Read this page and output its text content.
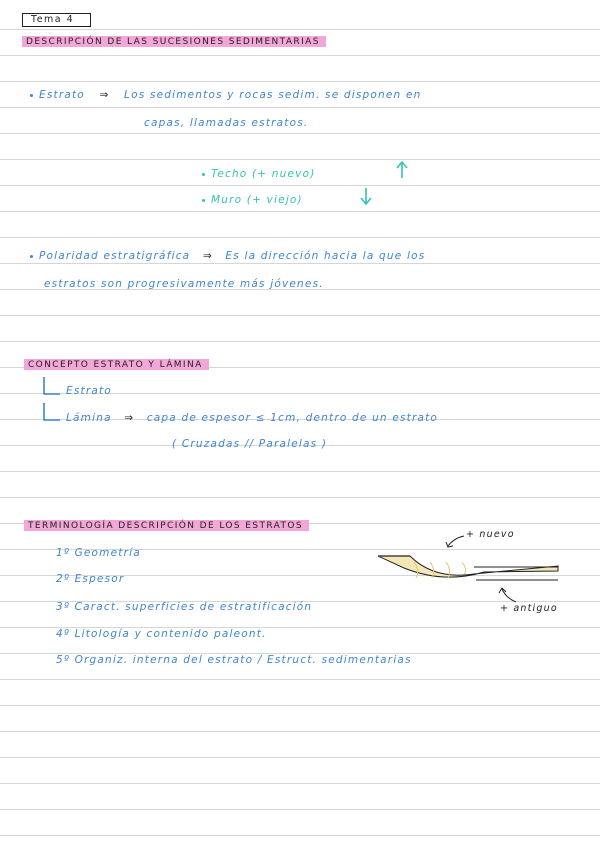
Tema 4
DESCRIPCIÓN DE LAS SUCESIONES SEDIMENTARIAS
Estrato ⇒ Los sedimentos y rocas sedim. se disponen en
capas, llamadas estratos.
Techo (+ nuevo)
Muro (+ viejo)
Polaridad estratigráfica ⇒ Es la dirección hacia la que los
estratos son progresivamente más jóvenes.
CONCEPTO ESTRATO Y LÁMINA
Estrato
Lámina ⇒ capa de espesor ≤ 1cm, dentro de un estrato
( Cruzadas // Paralelas )
TERMINOLOGÍA DESCRIPCIÓN DE LOS ESTRATOS
1º Geometría
2º Espesor
3º Caract. superficies de estratificación
4º Litología y contenido paleont.
5º Organiz. interna del estrato / Estruct. sedimentarias
+ nuevo
+ antiguo
